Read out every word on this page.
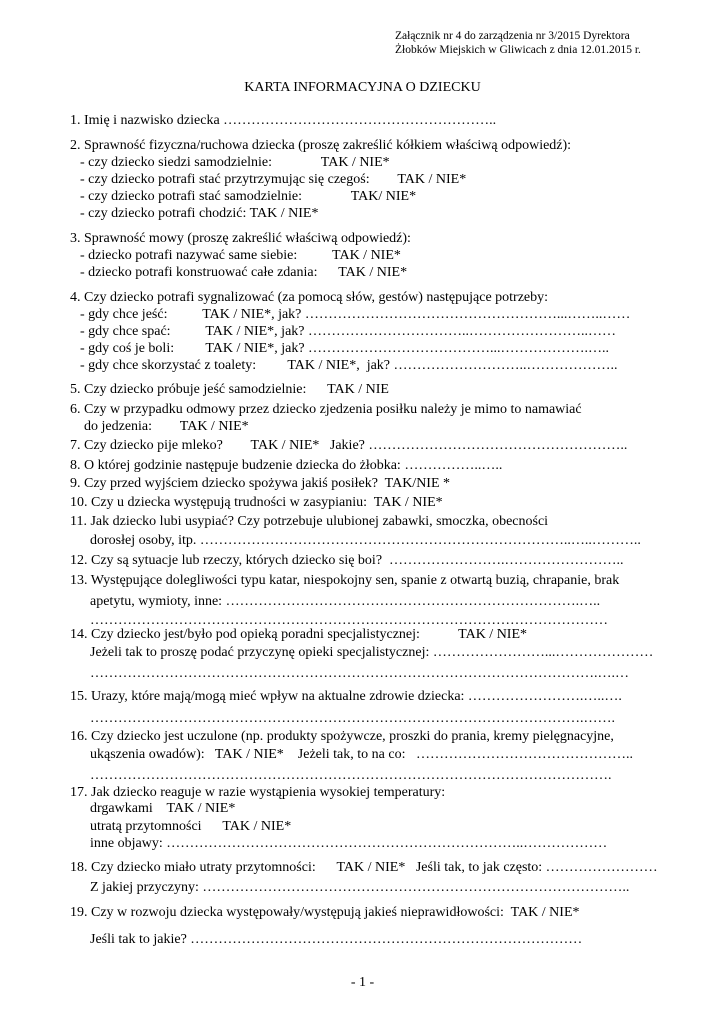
Załącznik nr 4 do zarządzenia nr 3/2015 Dyrektora
Żłobków Miejskich w Gliwicach z dnia 12.01.2015 r.
KARTA INFORMACYJNA O DZIECKU
1. Imię i nazwisko dziecka …………………………………………………..
2. Sprawność fizyczna/ruchowa dziecka (proszę zakreślić kółkiem właściwą odpowiedź):
- czy dziecko siedzi samodzielnie:              TAK / NIE*
- czy dziecko potrafi stać przytrzymując się czegoś:        TAK / NIE*
- czy dziecko potrafi stać samodzielnie:              TAK/ NIE*
- czy dziecko potrafi chodzić: TAK / NIE*
3. Sprawność mowy (proszę zakreślić właściwą odpowiedź):
- dziecko potrafi nazywać same siebie:          TAK / NIE*
- dziecko potrafi konstruować całe zdania:      TAK / NIE*
4. Czy dziecko potrafi sygnalizować (za pomocą słów, gestów) następujące potrzeby:
- gdy chce jeść:          TAK / NIE*, jak? ………………………………………………...……..……
- gdy chce spać:          TAK / NIE*, jak? ……………………………..……………………..……
- gdy coś je boli:         TAK / NIE*, jak? …………………………………...……………….…..
- gdy chce skorzystać z toalety:         TAK / NIE*,  jak? ………………………..………………..
5. Czy dziecko próbuje jeść samodzielnie:      TAK / NIE
6. Czy w przypadku odmowy przez dziecko zjedzenia posiłku należy je mimo to namawiać
do jedzenia:        TAK / NIE*
7. Czy dziecko pije mleko?        TAK / NIE*   Jakie? ………………………………………………..
8. O której godzinie następuje budzenie dziecka do żłobka: ……………..…..
9. Czy przed wyjściem dziecko spożywa jakiś posiłek?  TAK/NIE *
10. Czy u dziecka występują trudności w zasypianiu:  TAK / NIE*
11. Jak dziecko lubi usypiać? Czy potrzebuje ulubionej zabawki, smoczka, obecności
dorosłej osoby, itp. ……………………………………………………………………..…..………..
12. Czy są sytuacje lub rzeczy, których dziecko się boi?  …………………….……………………..
13. Występujące dolegliwości typu katar, niespokojny sen, spanie z otwartą buzią, chrapanie, brak
apetytu, wymioty, inne: ………………………………………………………………….…..
…………………………………………………………………………………………………
14. Czy dziecko jest/było pod opieką poradni specjalistycznej:           TAK / NIE*
Jeżeli tak to proszę podać przyczynę opieki specjalistycznej: ……………………...…………………
……………………………………………………………………………………………….….…
15. Urazy, które mają/mogą mieć wpływ na aktualne zdrowie dziecka: …………………….…..….
…………………………………………………………………………………………….…….
16. Czy dziecko jest uczulone (np. produkty spożywcze, proszki do prania, kremy pielęgnacyjne,
ukąszenia owadów):   TAK / NIE*    Jeżeli tak, to na co:   ………………………………………..
………………………………………………………………………………………………….
17. Jak dziecko reaguje w razie wystąpienia wysokiej temperatury:
drgawkami    TAK / NIE*
utratą przytomności      TAK / NIE*
inne objawy: …………………………………………………………………..………………
18. Czy dziecko miało utraty przytomności:      TAK / NIE*   Jeśli tak, to jak często: ……………………
Z jakiej przyczyny: ………………………………………………………………………………..
19. Czy w rozwoju dziecka występowały/występują jakieś nieprawidłowości:  TAK / NIE*
Jeśli tak to jakie? …………………………………………………………………………
- 1 -
